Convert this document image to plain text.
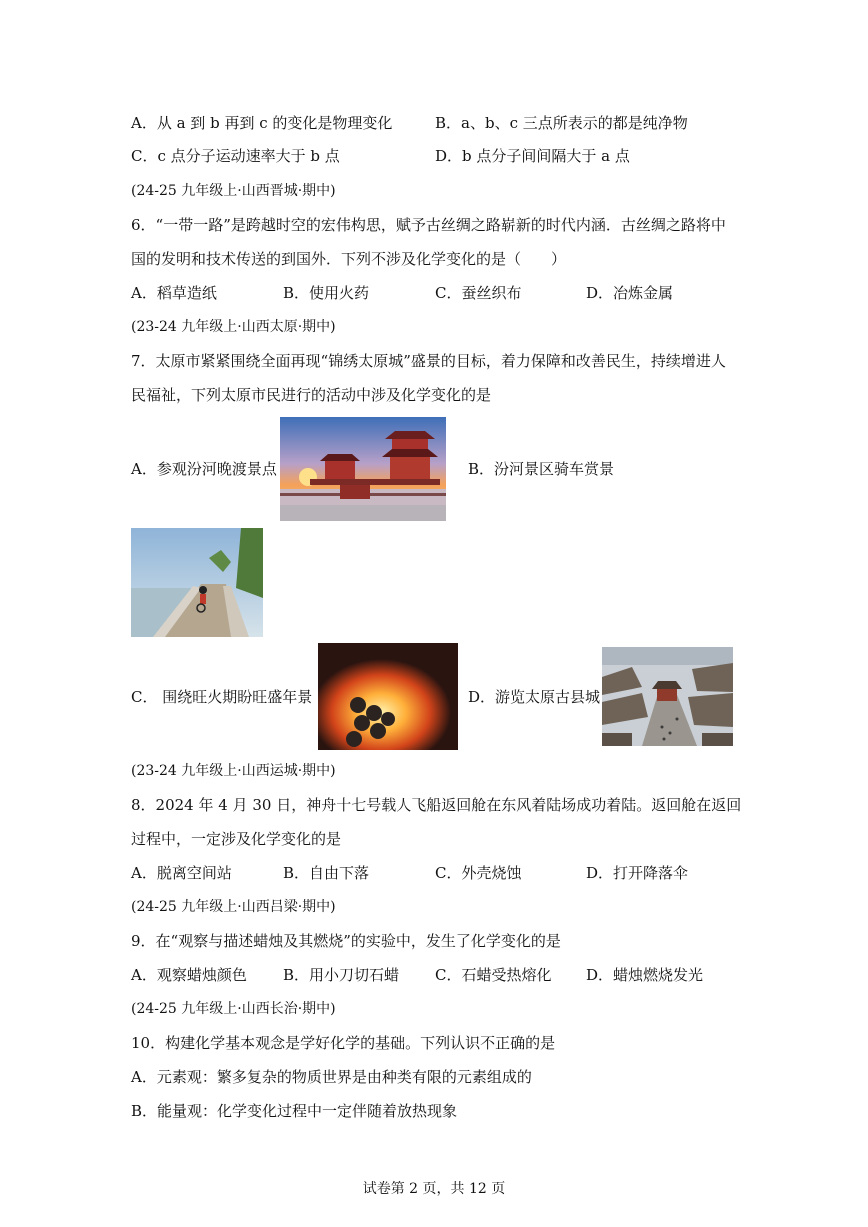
A．从 a 到 b 再到 c 的变化是物理变化	B．a、b、c 三点所表示的都是纯净物
C．c 点分子运动速率大于 b 点	D．b 点分子间间隔大于 a 点
(24-25 九年级上·山西晋城·期中)
6．“一带一路”是跨越时空的宏伟构思，赋予古丝绸之路崭新的时代内涵．古丝绸之路将中
国的发明和技术传送的到国外．下列不涉及化学变化的是（　　）
A．稻草造纸	B．使用火药	C．蚕丝织布	D．冶炼金属
(23-24 九年级上·山西太原·期中)
7．太原市紧紧围绕全面再现“锦绣太原城”盛景的目标，着力保障和改善民生，持续增进人
民福祉，下列太原市民进行的活动中涉及化学变化的是
A．参观汾河晚渡景点	B．汾河景区骑车赏景
C． 围绕旺火期盼旺盛年景	D．游览太原古县城
(23-24 九年级上·山西运城·期中)
8．2024 年 4 月 30 日，神舟十七号载人飞船返回舱在东风着陆场成功着陆。返回舱在返回
过程中，一定涉及化学变化的是
A．脱离空间站	B．自由下落	C．外壳烧蚀	D．打开降落伞
(24-25 九年级上·山西吕梁·期中)
9．在“观察与描述蜡烛及其燃烧”的实验中，发生了化学变化的是
A．观察蜡烛颜色 B．用小刀切石蜡 C．石蜡受热熔化 D．蜡烛燃烧发光
(24-25 九年级上·山西长治·期中)
10．构建化学基本观念是学好化学的基础。下列认识不正确的是
A．元素观：繁多复杂的物质世界是由种类有限的元素组成的
B．能量观：化学变化过程中一定伴随着放热现象
试卷第 2 页，共 12 页
